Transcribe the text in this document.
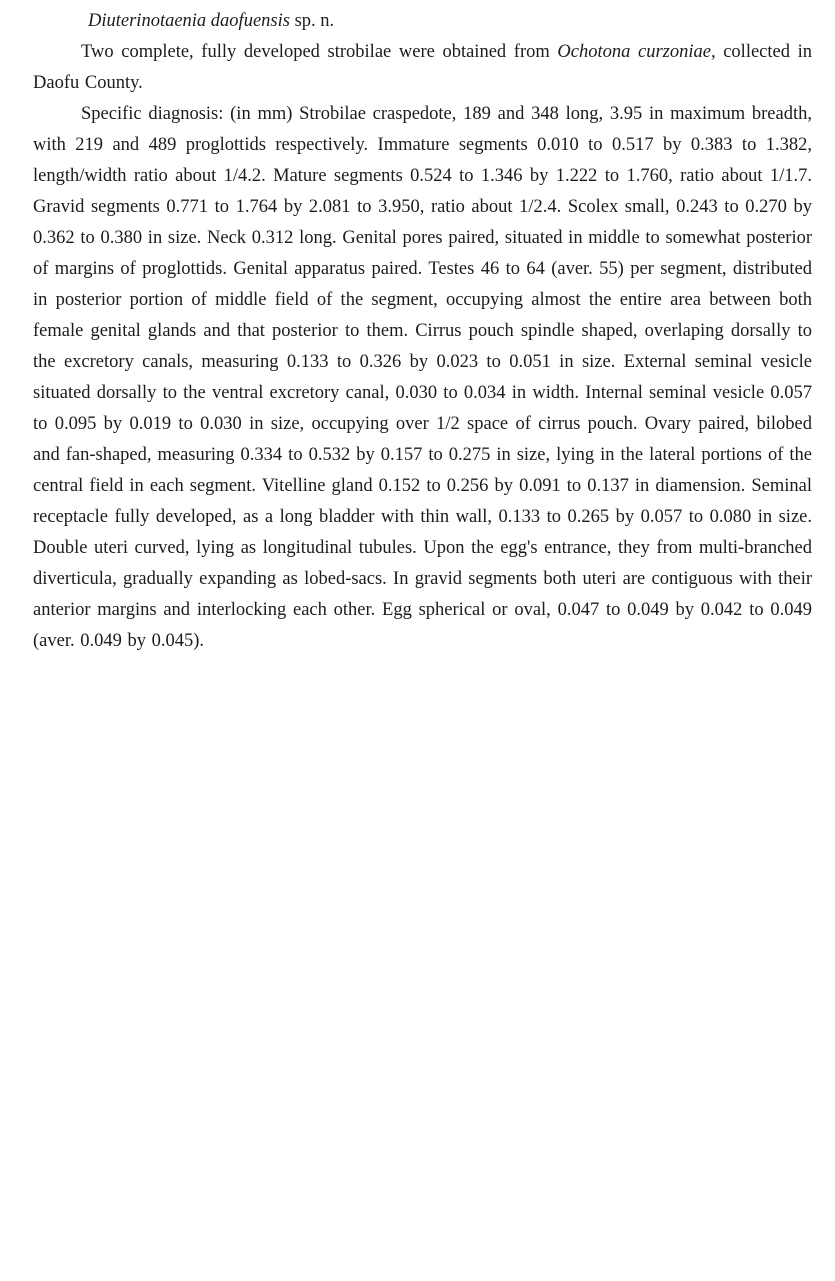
Diuterinotaenia daofuensis sp. n.

Two complete, fully developed strobilae were obtained from Ochotona curzoniae, collected in Daofu County.

Specific diagnosis: (in mm) Strobilae craspedote, 189 and 348 long, 3.95 in maximum breadth, with 219 and 489 proglottids respectively. Immature segments 0.010 to 0.517 by 0.383 to 1.382, length/width ratio about 1/4.2. Mature segments 0.524 to 1.346 by 1.222 to 1.760, ratio about 1/1.7. Gravid segments 0.771 to 1.764 by 2.081 to 3.950, ratio about 1/2.4. Scolex small, 0.243 to 0.270 by 0.362 to 0.380 in size. Neck 0.312 long. Genital pores paired, situated in middle to somewhat posterior of margins of proglottids. Genital apparatus paired. Testes 46 to 64 (aver. 55) per segment, distributed in posterior portion of middle field of the segment, occupying almost the entire area between both female genital glands and that posterior to them. Cirrus pouch spindle shaped, overlaping dorsally to the excretory canals, measuring 0.133 to 0.326 by 0.023 to 0.051 in size. External seminal vesicle situated dorsally to the ventral excretory canal, 0.030 to 0.034 in width. Internal seminal vesicle 0.057 to 0.095 by 0.019 to 0.030 in size, occupying over 1/2 space of cirrus pouch. Ovary paired, bilobed and fan-shaped, measuring 0.334 to 0.532 by 0.157 to 0.275 in size, lying in the lateral portions of the central field in each segment. Vitelline gland 0.152 to 0.256 by 0.091 to 0.137 in diamension. Seminal receptacle fully developed, as a long bladder with thin wall, 0.133 to 0.265 by 0.057 to 0.080 in size. Double uteri curved, lying as longitudinal tubules. Upon the egg's entrance, they from multi-branched diverticula, gradually expanding as lobed-sacs. In gravid segments both uteri are contiguous with their anterior margins and interlocking each other. Egg spherical or oval, 0.047 to 0.049 by 0.042 to 0.049 (aver. 0.049 by 0.045).
